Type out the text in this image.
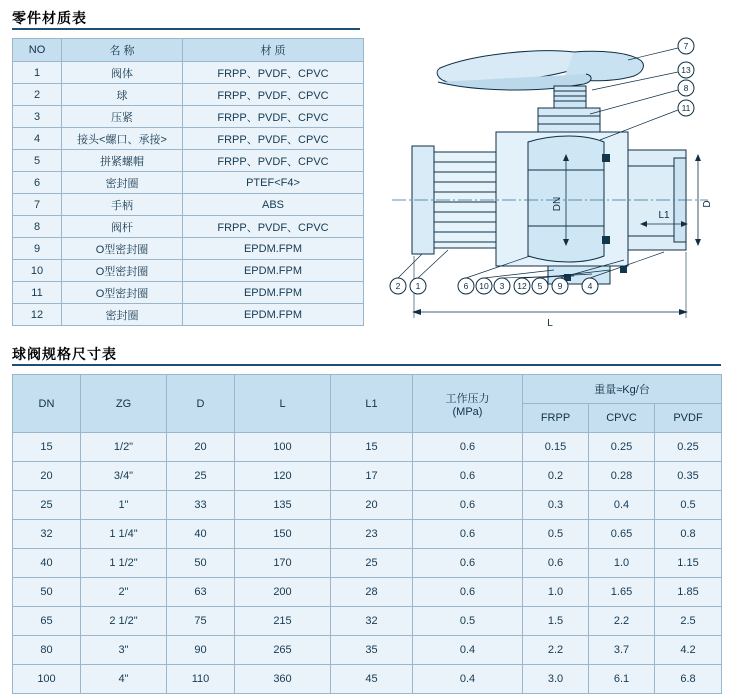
零件材质表
NO	名 称	材 质
1	阀体	FRPP、PVDF、CPVC
2	球	FRPP、PVDF、CPVC
3	压紧	FRPP、PVDF、CPVC
4	接头<螺口、承接>	FRPP、PVDF、CPVC
5	拼紧螺帽	FRPP、PVDF、CPVC
6	密封圈	PTEF<F4>
7	手柄	ABS
8	阀杆	FRPP、PVDF、CPVC
9	O型密封圈	EPDM.FPM
10	O型密封圈	EPDM.FPM
11	O型密封圈	EPDM.FPM
12	密封圈	EPDM.FPM
7
13
8
11
2 1	6 10 3 12 5 9	4
DN	D
L1
L
球阀规格尺寸表
DN	ZG	D	L	L1	工作压力
(MPa)	重量≈Kg/台		
						FRPP	CPVC	PVDF
15	1/2"	20	100	15	0.6	0.15	0.25	0.25
20	3/4"	25	120	17	0.6	0.2	0.28	0.35
25	1"	33	135	20	0.6	0.3	0.4	0.5
32	1 1/4"	40	150	23	0.6	0.5	0.65	0.8
40	1 1/2"	50	170	25	0.6	0.6	1.0	1.15
50	2"	63	200	28	0.6	1.0	1.65	1.85
65	2 1/2"	75	215	32	0.5	1.5	2.2	2.5
80	3"	90	265	35	0.4	2.2	3.7	4.2
100	4"	110	360	45	0.4	3.0	6.1	6.8
